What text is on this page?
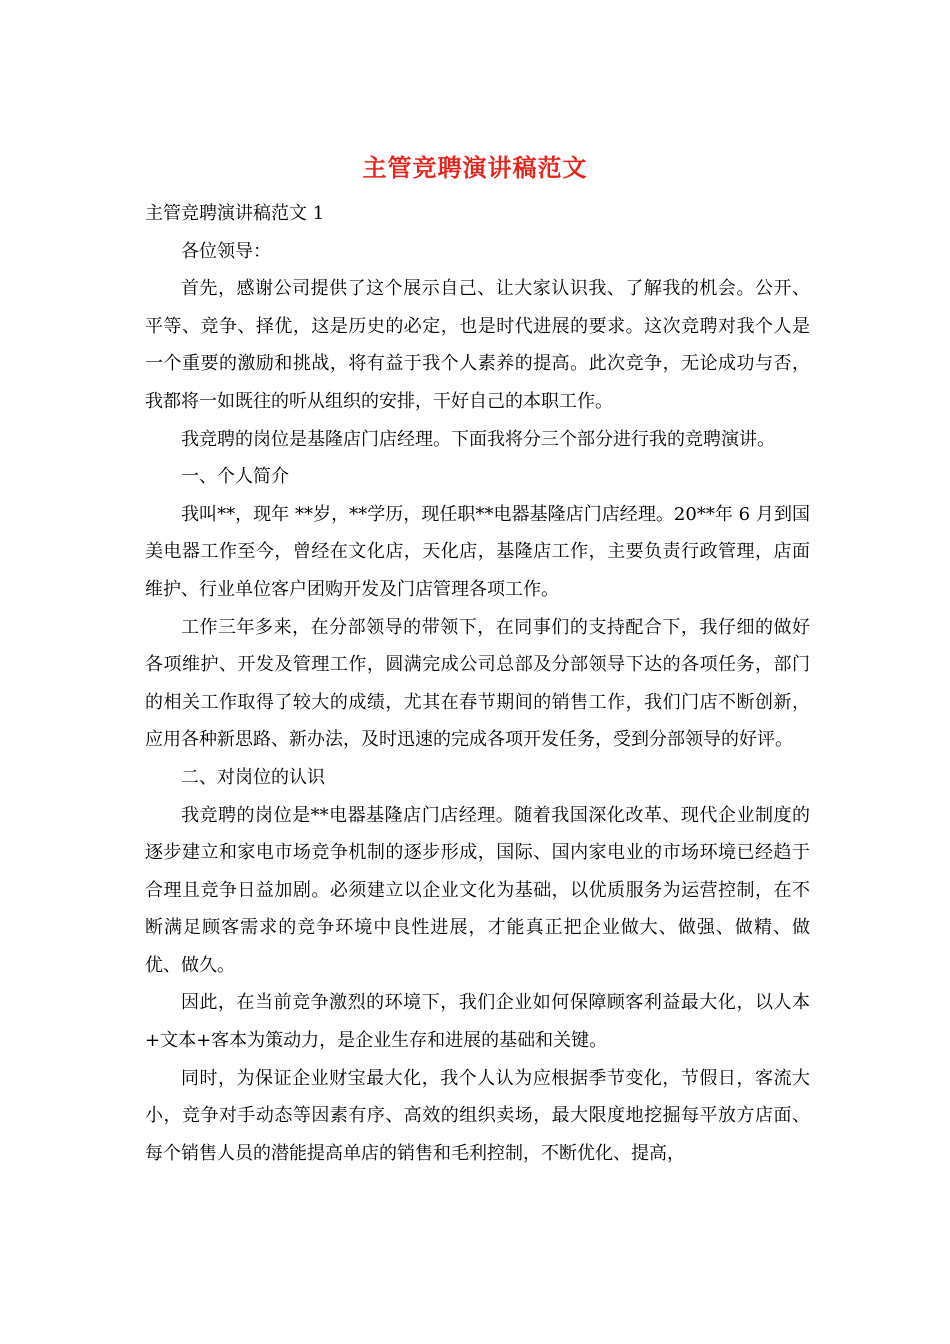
主管竞聘演讲稿范文

主管竞聘演讲稿范文 1

各位领导：

首先，感谢公司提供了这个展示自己、让大家认识我、了解我的机会。公开、平等、竞争、择优，这是历史的必定，也是时代进展的要求。这次竞聘对我个人是一个重要的激励和挑战，将有益于我个人素养的提高。此次竞争，无论成功与否，我都将一如既往的听从组织的安排，干好自己的本职工作。

我竞聘的岗位是基隆店门店经理。下面我将分三个部分进行我的竞聘演讲。

一、个人简介

我叫**，现年 **岁，**学历，现任职**电器基隆店门店经理。20**年 6 月到国美电器工作至今，曾经在文化店，天化店，基隆店工作，主要负责行政管理，店面维护、行业单位客户团购开发及门店管理各项工作。

工作三年多来，在分部领导的带领下，在同事们的支持配合下，我仔细的做好各项维护、开发及管理工作，圆满完成公司总部及分部领导下达的各项任务，部门的相关工作取得了较大的成绩，尤其在春节期间的销售工作，我们门店不断创新，应用各种新思路、新办法，及时迅速的完成各项开发任务，受到分部领导的好评。

二、对岗位的认识

我竞聘的岗位是**电器基隆店门店经理。随着我国深化改革、现代企业制度的逐步建立和家电市场竞争机制的逐步形成，国际、国内家电业的市场环境已经趋于合理且竞争日益加剧。必须建立以企业文化为基础，以优质服务为运营控制，在不断满足顾客需求的竞争环境中良性进展，才能真正把企业做大、做强、做精、做优、做久。

因此，在当前竞争激烈的环境下，我们企业如何保障顾客利益最大化，以人本+文本+客本为策动力，是企业生存和进展的基础和关键。

同时，为保证企业财宝最大化，我个人认为应根据季节变化，节假日，客流大小，竞争对手动态等因素有序、高效的组织卖场，最大限度地挖掘每平放方店面、每个销售人员的潜能提高单店的销售和毛利控制，不断优化、提高，
